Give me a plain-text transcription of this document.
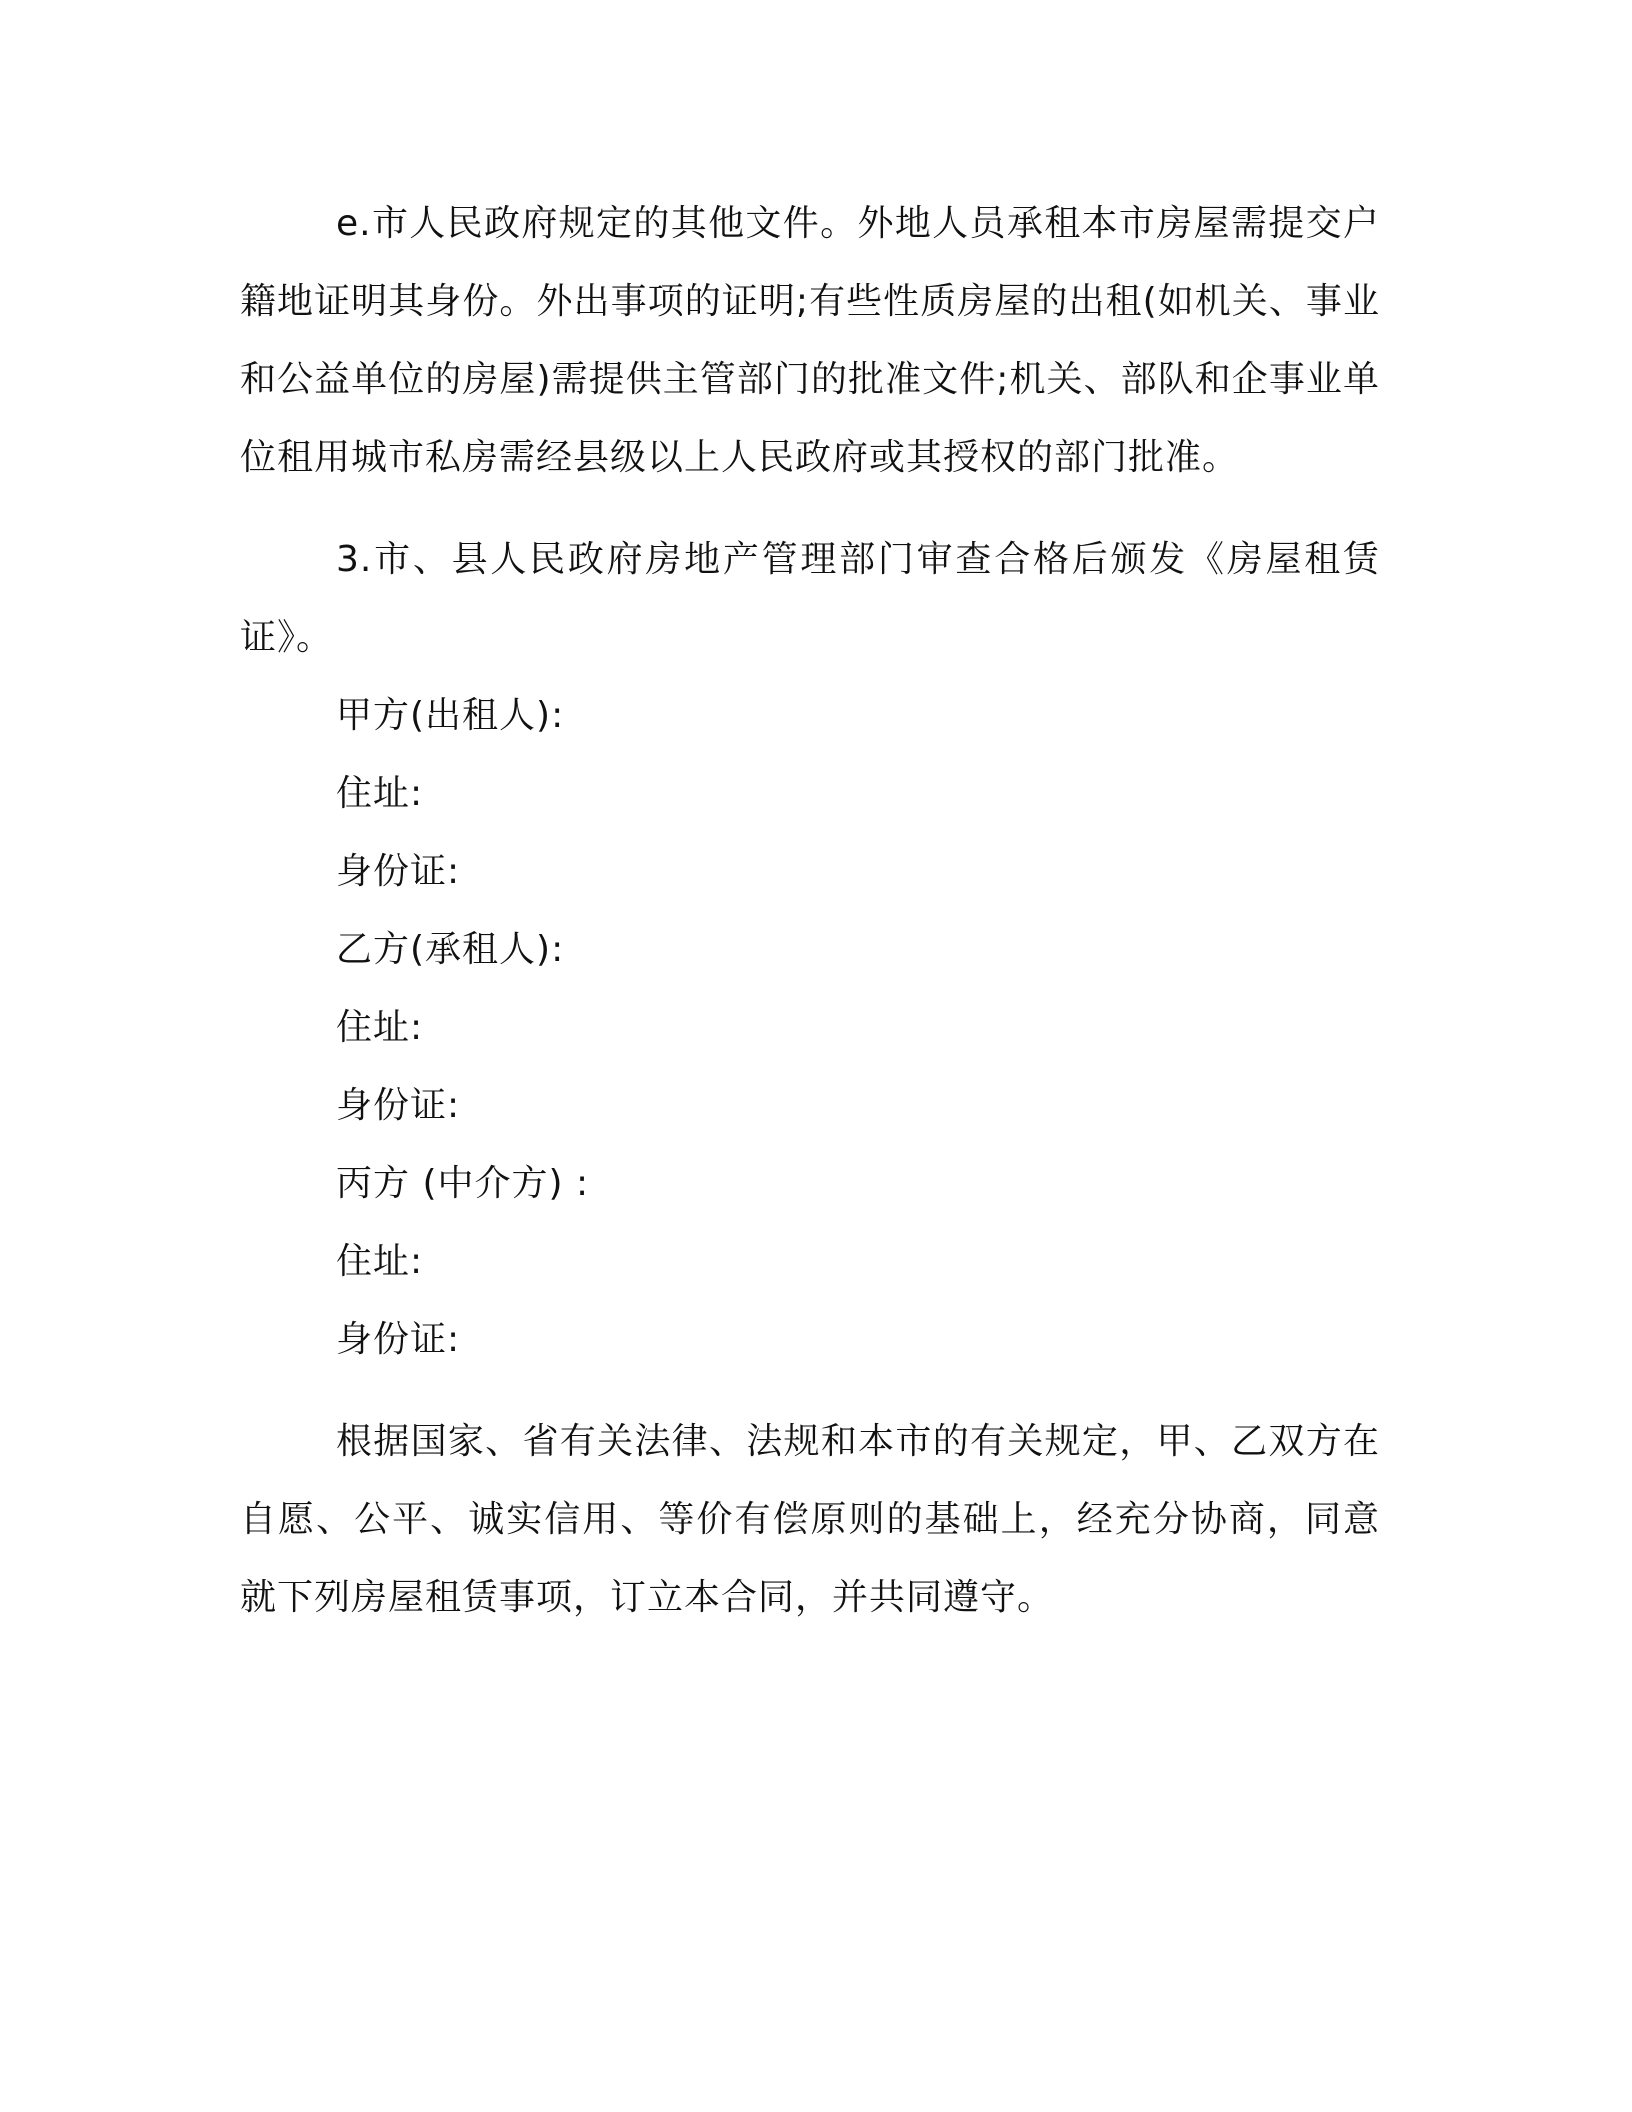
e.市人民政府规定的其他文件。外地人员承租本市房屋需提交户籍地证明其身份。外出事项的证明;有些性质房屋的出租(如机关、事业和公益单位的房屋)需提供主管部门的批准文件;机关、部队和企事业单位租用城市私房需经县级以上人民政府或其授权的部门批准。

3.市、县人民政府房地产管理部门审查合格后颁发《房屋租赁证》。

甲方(出租人):

住址:

身份证:

乙方(承租人):

住址:

身份证:

丙方 (中介方) :

住址:

身份证:

根据国家、省有关法律、法规和本市的有关规定，甲、乙双方在自愿、公平、诚实信用、等价有偿原则的基础上，经充分协商，同意就下列房屋租赁事项，订立本合同，并共同遵守。
